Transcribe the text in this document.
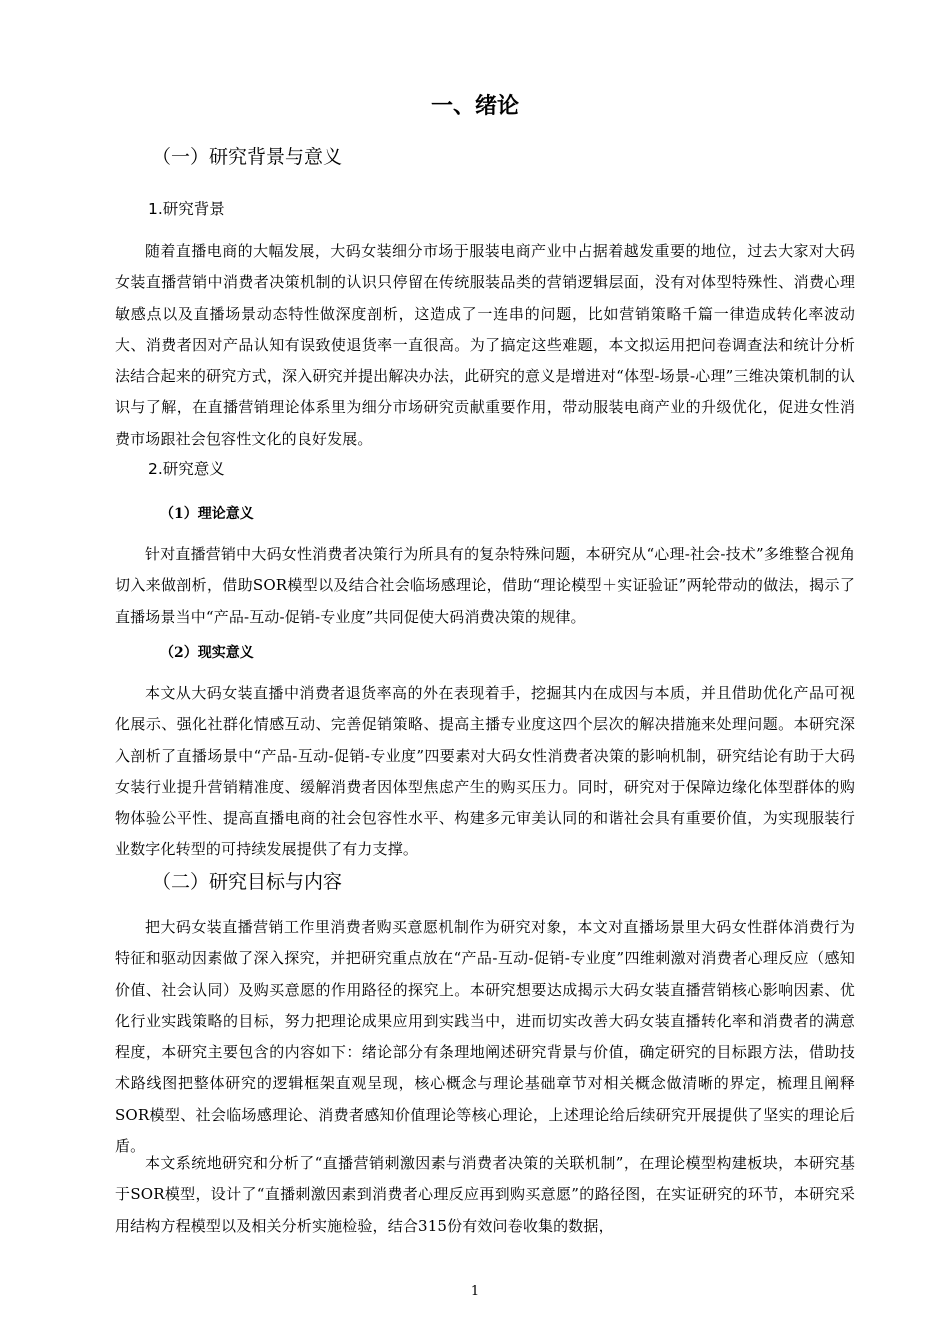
一、绪论
（一）研究背景与意义
1.研究背景

随着直播电商的大幅发展，大码女装细分市场于服装电商产业中占据着越发重要的地位，过去大家对大码女装直播营销中消费者决策机制的认识只停留在传统服装品类的营销逻辑层面，没有对体型特殊性、消费心理敏感点以及直播场景动态特性做深度剖析，这造成了一连串的问题，比如营销策略千篇一律造成转化率波动大、消费者因对产品认知有误致使退货率一直很高。为了搞定这些难题，本文拟运用把问卷调查法和统计分析法结合起来的研究方式，深入研究并提出解决办法，此研究的意义是增进对“体型-场景-心理”三维决策机制的认识与了解，在直播营销理论体系里为细分市场研究贡献重要作用，带动服装电商产业的升级优化，促进女性消费市场跟社会包容性文化的良好发展。

2.研究意义
（1）理论意义

针对直播营销中大码女性消费者决策行为所具有的复杂特殊问题，本研究从“心理-社会-技术”多维整合视角切入来做剖析，借助SOR模型以及结合社会临场感理论，借助“理论模型＋实证验证”两轮带动的做法，揭示了直播场景当中“产品-互动-促销-专业度”共同促使大码消费决策的规律。

（2）现实意义

本文从大码女装直播中消费者退货率高的外在表现着手，挖掘其内在成因与本质，并且借助优化产品可视化展示、强化社群化情感互动、完善促销策略、提高主播专业度这四个层次的解决措施来处理问题。本研究深入剖析了直播场景中“产品-互动-促销-专业度”四要素对大码女性消费者决策的影响机制，研究结论有助于大码女装行业提升营销精准度、缓解消费者因体型焦虑产生的购买压力。同时，研究对于保障边缘化体型群体的购物体验公平性、提高直播电商的社会包容性水平、构建多元审美认同的和谐社会具有重要价值，为实现服装行业数字化转型的可持续发展提供了有力支撑。

（二）研究目标与内容

把大码女装直播营销工作里消费者购买意愿机制作为研究对象，本文对直播场景里大码女性群体消费行为特征和驱动因素做了深入探究，并把研究重点放在“产品-互动-促销-专业度”四维刺激对消费者心理反应（感知价值、社会认同）及购买意愿的作用路径的探究上。本研究想要达成揭示大码女装直播营销核心影响因素、优化行业实践策略的目标，努力把理论成果应用到实践当中，进而切实改善大码女装直播转化率和消费者的满意程度，本研究主要包含的内容如下：绪论部分有条理地阐述研究背景与价值，确定研究的目标跟方法，借助技术路线图把整体研究的逻辑框架直观呈现，核心概念与理论基础章节对相关概念做清晰的界定，梳理且阐释SOR模型、社会临场感理论、消费者感知价值理论等核心理论，上述理论给后续研究开展提供了坚实的理论后盾。

本文系统地研究和分析了“直播营销刺激因素与消费者决策的关联机制”，在理论模型构建板块，本研究基于SOR模型，设计了“直播刺激因素到消费者心理反应再到购买意愿”的路径图，在实证研究的环节，本研究采用结构方程模型以及相关分析实施检验，结合315份有效问卷收集的数据，

1
